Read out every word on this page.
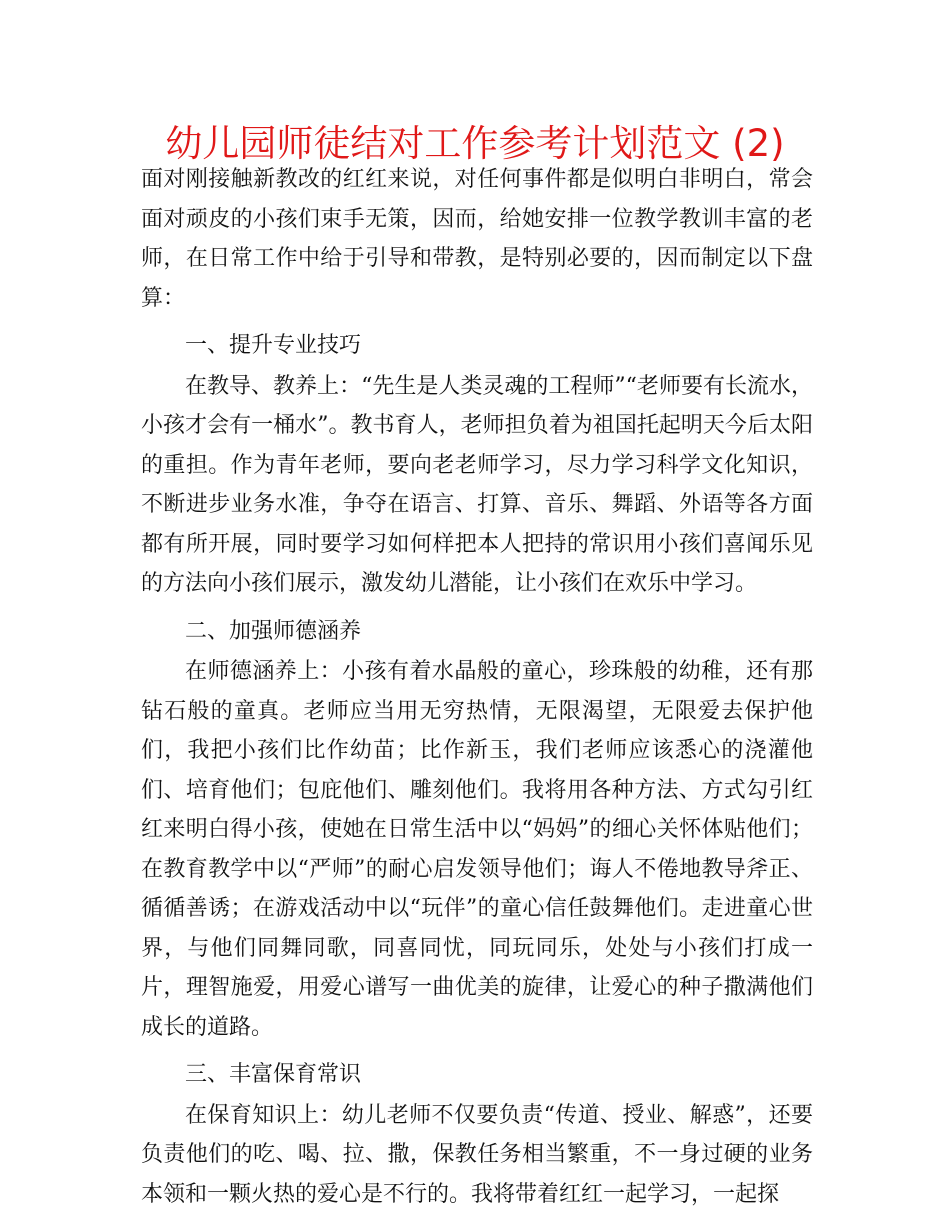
幼儿园师徒结对工作参考计划范文 (2)

面对刚接触新教改的红红来说，对任何事件都是似明白非明白，常会面对顽皮的小孩们束手无策，因而，给她安排一位教学教训丰富的老师，在日常工作中给于引导和带教，是特别必要的，因而制定以下盘算：

一、提升专业技巧

在教导、教养上：“先生是人类灵魂的工程师”“老师要有长流水，小孩才会有一桶水”。教书育人，老师担负着为祖国托起明天今后太阳的重担。作为青年老师，要向老老师学习，尽力学习科学文化知识，不断进步业务水准，争夺在语言、打算、音乐、舞蹈、外语等各方面都有所开展，同时要学习如何样把本人把持的常识用小孩们喜闻乐见的方法向小孩们展示，激发幼儿潜能，让小孩们在欢乐中学习。

二、加强师德涵养

在师德涵养上：小孩有着水晶般的童心，珍珠般的幼稚，还有那钻石般的童真。老师应当用无穷热情，无限渴望，无限爱去保护他们，我把小孩们比作幼苗；比作新玉，我们老师应该悉心的浇灌他们、培育他们；包庇他们、雕刻他们。我将用各种方法、方式勾引红红来明白得小孩，使她在日常生活中以“妈妈”的细心关怀体贴他们；在教育教学中以“严师”的耐心启发领导他们；诲人不倦地教导斧正、循循善诱；在游戏活动中以“玩伴”的童心信任鼓舞他们。走进童心世界，与他们同舞同歌，同喜同忧，同玩同乐，处处与小孩们打成一片，理智施爱，用爱心谱写一曲优美的旋律，让爱心的种子撒满他们成长的道路。

三、丰富保育常识

在保育知识上：幼儿老师不仅要负责“传道、授业、解惑”，还要负责他们的吃、喝、拉、撒，保教任务相当繁重，不一身过硬的业务本领和一颗火热的爱心是不行的。我将带着红红一起学习，一起探
